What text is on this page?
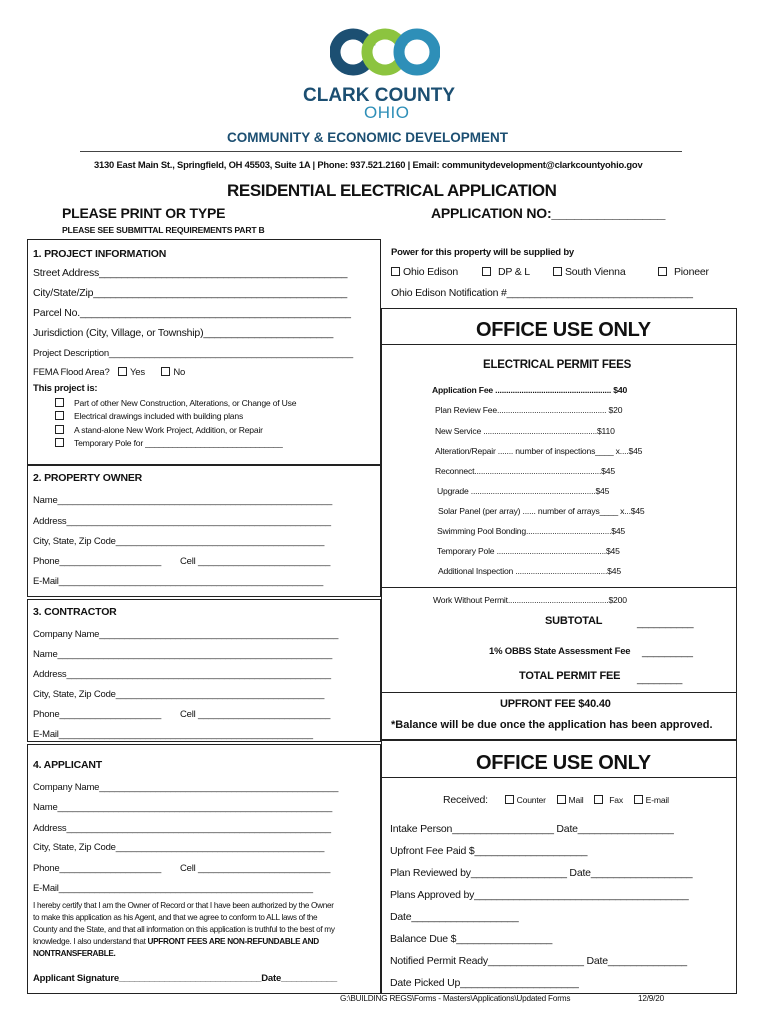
CLARK COUNTY
OHIO
COMMUNITY & ECONOMIC DEVELOPMENT
3130 East Main St., Springfield, OH 45503, Suite 1A | Phone: 937.521.2160 | Email: communitydevelopment@clarkcountyohio.gov
RESIDENTIAL ELECTRICAL APPLICATION
PLEASE PRINT OR TYPE	APPLICATION NO:_______________
PLEASE SEE SUBMITTAL REQUIREMENTS PART B
1. PROJECT INFORMATION
Street Address____________________________________________
City/State/Zip_____________________________________________
Parcel No.________________________________________________
Jurisdiction (City, Village, or Township)_______________________
Project Description________________________________________________
FEMA Flood Area? Yes	No
This project is:
Part of other New Construction, Alterations, or Change of Use
Electrical drawings included with building plans
A stand-alone New Work Project, Addition, or Repair
Temporary Pole for ______________________________
Power for this property will be supplied by
Ohio Edison	DP & L	South Vienna	Pioneer
Ohio Edison Notification #_________________________________
OFFICE USE ONLY
ELECTRICAL PERMIT FEES
Application Fee ..................................................... $40
Plan Review Fee.................................................. $20
New Service ....................................................$110
Alteration/Repair ....... number of inspections____ x....$45
Reconnect..........................................................$45
Upgrade .........................................................$45
Solar Panel (per array) ...... number of arrays____ x...$45
Swimming Pool Bonding.......................................$45
Temporary Pole ..................................................$45
Additional Inspection ..........................................$45
Work Without Permit..............................................$200
SUBTOTAL	__________
1% OBBS State Assessment Fee _________
TOTAL PERMIT FEE ________
UPFRONT FEE $40.40
*Balance will be due once the application has been approved.
2. PROPERTY OWNER
Name______________________________________________________
Address____________________________________________________
City, State, Zip Code_________________________________________
Phone____________________ Cell __________________________
E-Mail____________________________________________________
3. CONTRACTOR
Company Name_______________________________________________
Name______________________________________________________
Address____________________________________________________
City, State, Zip Code_________________________________________
Phone____________________ Cell __________________________
E-Mail__________________________________________________
4. APPLICANT
Company Name_______________________________________________
Name______________________________________________________
Address____________________________________________________
City, State, Zip Code_________________________________________
Phone____________________ Cell __________________________
E-Mail__________________________________________________
I hereby certify that I am the Owner of Record or that I have been authorized by the Owner
to make this application as his Agent, and that we agree to conform to ALL laws of the
County and the State, and that all information on this application is truthful to the best of my
knowledge. I also understand that UPFRONT FEES ARE NON-REFUNDABLE AND
NONTRANSFERABLE.
Applicant Signature____________________________Date___________
OFFICE USE ONLY
Received:	Counter	Mail	Fax	E-mail
Intake Person__________________ Date_________________
Upfront Fee Paid $____________________
Plan Reviewed by_________________ Date__________________
Plans Approved by______________________________________
Date___________________
Balance Due $_________________
Notified Permit Ready_________________ Date______________
Date Picked Up_____________________
G:\BUILDING REGS\Forms - Masters\Applications\Updated Forms	12/9/20
